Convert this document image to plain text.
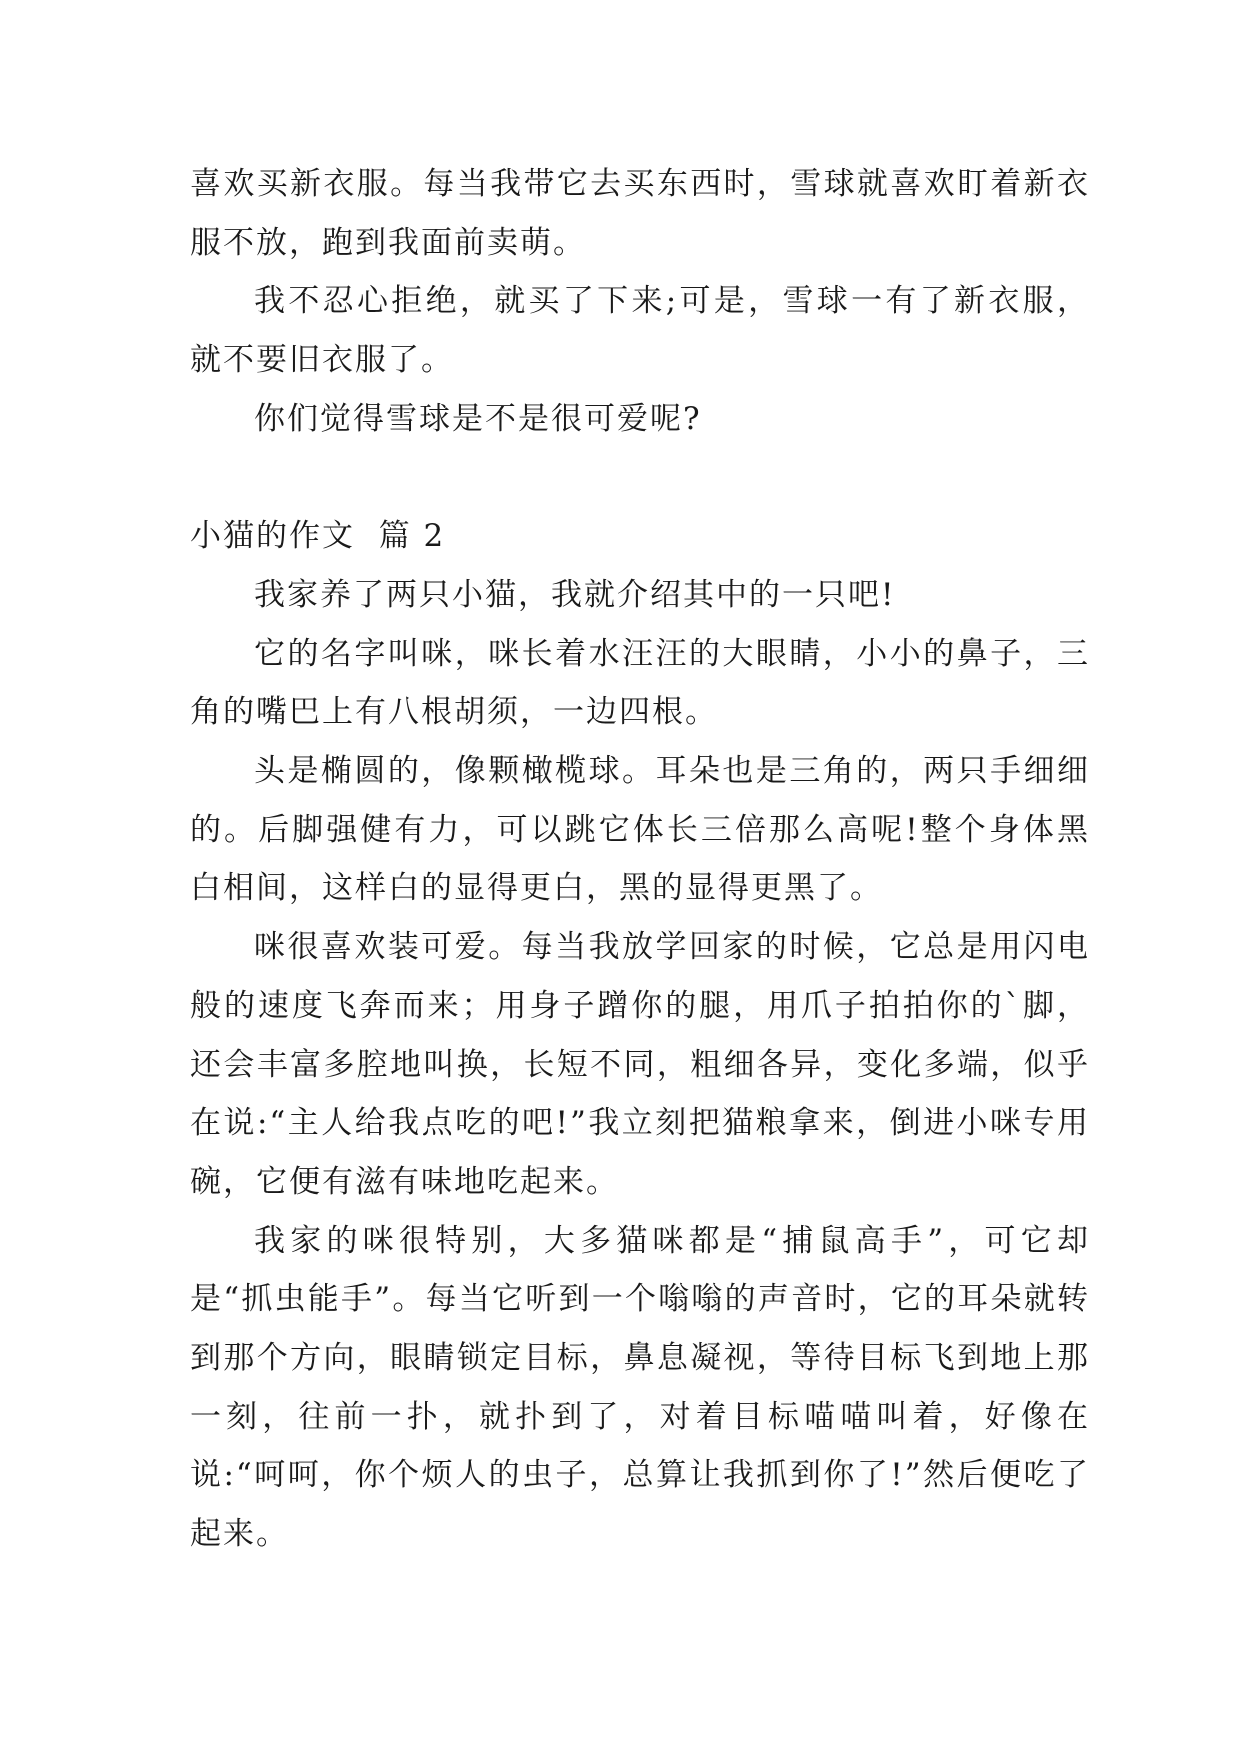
喜欢买新衣服。每当我带它去买东西时，雪球就喜欢盯着新衣服不放，跑到我面前卖萌。

我不忍心拒绝，就买了下来;可是，雪球一有了新衣服，就不要旧衣服了。

你们觉得雪球是不是很可爱呢?

小猫的作文  篇 2

我家养了两只小猫，我就介绍其中的一只吧!

它的名字叫咪，咪长着水汪汪的大眼睛，小小的鼻子，三角的嘴巴上有八根胡须，一边四根。

头是椭圆的，像颗橄榄球。耳朵也是三角的，两只手细细的。后脚强健有力，可以跳它体长三倍那么高呢!整个身体黑白相间，这样白的显得更白，黑的显得更黑了。

咪很喜欢装可爱。每当我放学回家的时候，它总是用闪电般的速度飞奔而来；用身子蹭你的腿，用爪子拍拍你的`脚，还会丰富多腔地叫换，长短不同，粗细各异，变化多端，似乎在说:“主人给我点吃的吧!”我立刻把猫粮拿来，倒进小咪专用碗，它便有滋有味地吃起来。

我家的咪很特别，大多猫咪都是“捕鼠高手”，可它却是“抓虫能手”。每当它听到一个嗡嗡的声音时，它的耳朵就转到那个方向，眼睛锁定目标，鼻息凝视，等待目标飞到地上那一刻，往前一扑，就扑到了，对着目标喵喵叫着，好像在说:“呵呵，你个烦人的虫子，总算让我抓到你了!”然后便吃了起来。
